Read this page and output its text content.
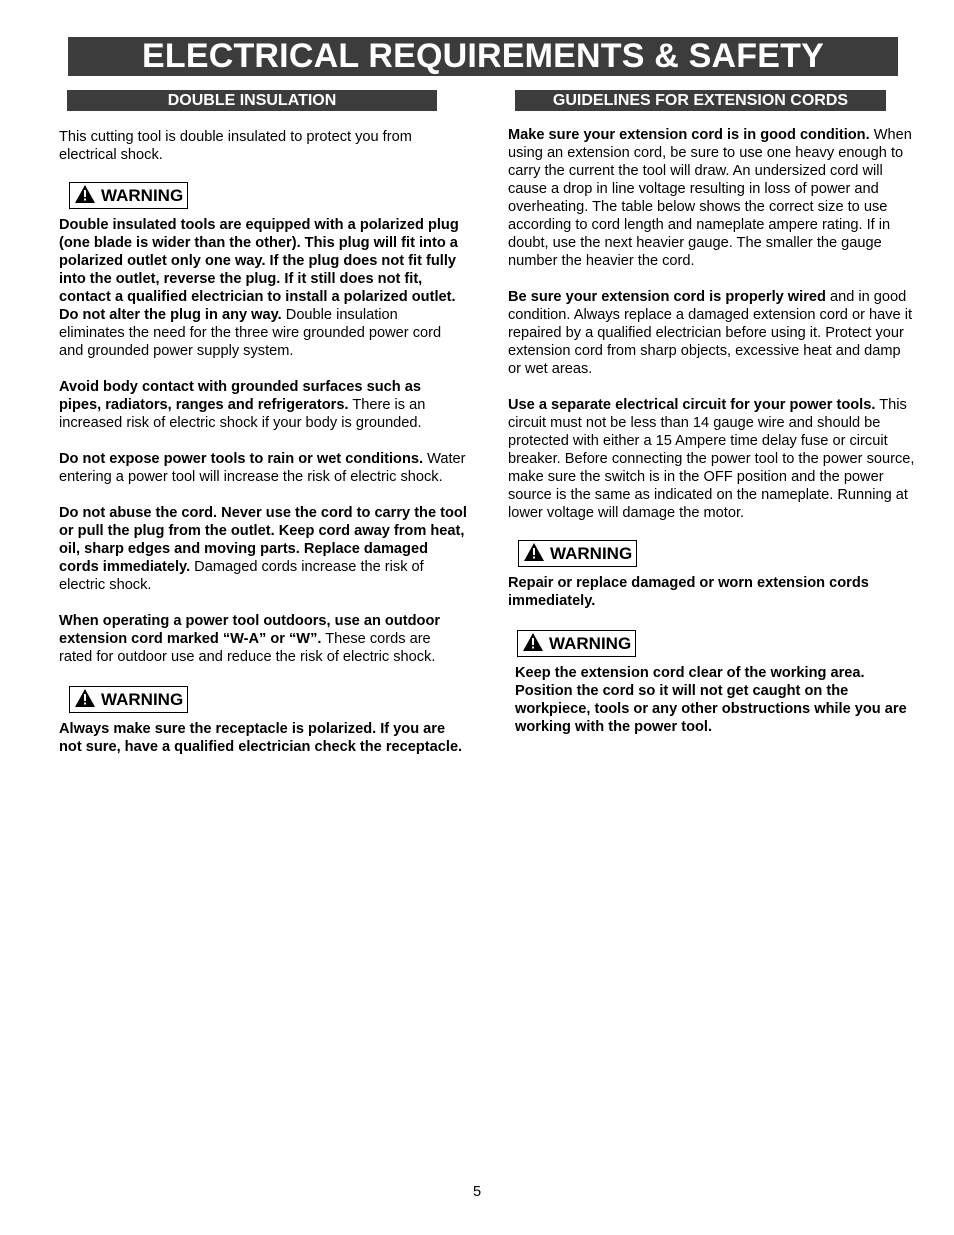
ELECTRICAL REQUIREMENTS & SAFETY
DOUBLE INSULATION	GUIDELINES FOR EXTENSION CORDS

This cutting tool is double insulated to protect you from electrical shock.

WARNING

Double insulated tools are equipped with a polarized plug (one blade is wider than the other). This plug will fit into a polarized outlet only one way. If the plug does not fit fully into the outlet, reverse the plug. If it still does not fit, contact a qualified electrician to install a polarized outlet. Do not alter the plug in any way. Double insulation eliminates the need for the three wire grounded power cord and grounded power supply system.

Avoid body contact with grounded surfaces such as pipes, radiators, ranges and refrigerators. There is an increased risk of electric shock if your body is grounded.

Do not expose power tools to rain or wet conditions. Water entering a power tool will increase the risk of electric shock.

Do not abuse the cord. Never use the cord to carry the tool or pull the plug from the outlet. Keep cord away from heat, oil, sharp edges and moving parts. Replace damaged cords immediately. Damaged cords increase the risk of electric shock.

When operating a power tool outdoors, use an outdoor extension cord marked “W-A” or “W”. These cords are rated for outdoor use and reduce the risk of electric shock.

WARNING

Always make sure the receptacle is polarized. If you are not sure, have a qualified electrician check the receptacle.

Make sure your extension cord is in good condition. When using an extension cord, be sure to use one heavy enough to carry the current the tool will draw. An undersized cord will cause a drop in line voltage resulting in loss of power and overheating. The table below shows the correct size to use according to cord length and nameplate ampere rating. If in doubt, use the next heavier gauge. The smaller the gauge number the heavier the cord.

Be sure your extension cord is properly wired and in good condition. Always replace a damaged extension cord or have it repaired by a qualified electrician before using it. Protect your extension cord from sharp objects, excessive heat and damp or wet areas.

Use a separate electrical circuit for your power tools. This circuit must not be less than 14 gauge wire and should be protected with either a 15 Ampere time delay fuse or circuit breaker. Before connecting the power tool to the power source, make sure the switch is in the OFF position and the power source is the same as indicated on the nameplate. Running at lower voltage will damage the motor.

WARNING

Repair or replace damaged or worn extension cords immediately.

WARNING

Keep the extension cord clear of the working area. Position the cord so it will not get caught on the workpiece, tools or any other obstructions while you are working with the power tool.

5
